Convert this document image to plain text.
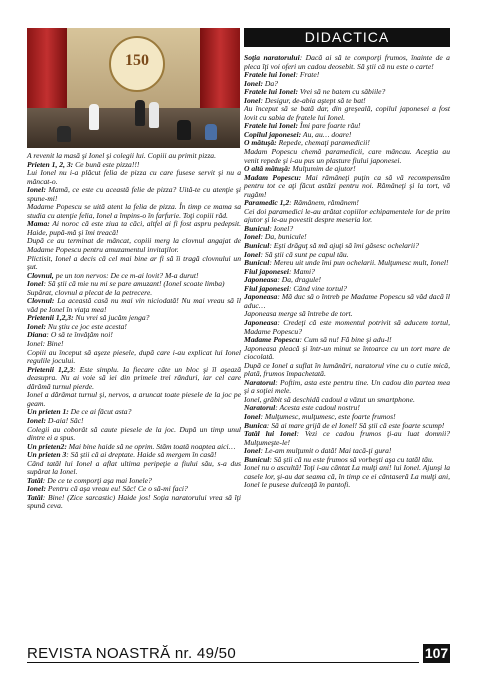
150
DIDACTICA

A revenit la masă şi Ionel şi colegii lui. Copiii au primit pizza.

Prieten 1, 2, 3: Ce bună este pizza!!!

Lui Ionel nu i-a plăcut felia de pizza cu care fusese servit şi nu a mâncat-o.

Ionel: Mamă, ce este cu această felie de pizza? Uită-te cu atenţie şi spune-mi!

Madame Popescu se uită atent la felia de pizza. În timp ce mama sa studia cu atenţie felia, Ionel a împins-o în farfurie. Toţi copiii răd.

Mama: Ai noroc că este ziua ta căci, altfel ai fi fost aspru pedepsit. Haide, pupă-mă şi îmi treacă!

După ce au terminat de mâncat, copiii merg la clovnul angajat de Madame Popescu pentru amuzamentul invitaţilor.

Plictisit, Ionel a decis că cel mai bine ar fi să îi tragă clovnului un şut.

Clovnul, pe un ton nervos: De ce m-ai lovit? M-a durut!

Ionel: Să ştii că mie nu mi se pare amuzant! (Ionel scoate limba)

Supărat, clovnul a plecat de la petrecere.

Clovnul: La această casă nu mai vin niciodată! Nu mai vreau să îl văd pe Ionel în viaţa mea!

Prietenii 1,2,3: Nu vrei să jucăm jenga?

Ionel: Nu ştiu ce joc este acesta!

Diana: O să te învăţăm noi!

Ionel: Bine!

Copiii au început să aşeze piesele, după care i-au explicat lui Ionel regulile jocului.

Prietenii 1,2,3: Este simplu. Ia fiecare câte un bloc şi îl aşează deasupra. Nu ai voie să iei din primele trei rânduri, iar cel care dărâmă turnul pierde.

Ionel a dărâmat turnul şi, nervos, a aruncat toate piesele de la joc pe geam.

Un prieten 1: De ce ai făcut asta?

Ionel: D-aia! Sâc!

Colegii au coborât să caute piesele de la joc. După un timp unul dintre ei a spus.

Un prieten2: Mai bine haide să ne oprim. Stăm toată noaptea aici…

Un prieten 3: Să ştii că ai dreptate. Haide să mergem în casă!

Când tatăl lui Ionel a aflat ultima peripeţie a fiului său, s-a dus supărat la Ionel.

Tatăl: De ce te comporţi aşa mai Ionele?

Ionel: Pentru că aşa vreau eu! Sâc! Ce o să-mi faci?

Tatăl: Bine! (Zice sarcastic) Haide jos! Soţia naratorului vrea să îţi spună ceva.

Soţia naratorului: Dacă ai să te comporţi frumos, înainte de a pleca îţi voi oferi un cadou deosebit. Să ştii că nu este o carte!

Fratele lui Ionel: Frate!

Ionel: Da?

Fratele lui Ionel: Vrei să ne batem cu săbiile?

Ionel: Desigur, de-abia aştept să te bat!

Au început să se bată dar, din greşeală, copilul japonesei a fost lovit cu sabia de fratele lui Ionel.

Fratele lui Ionel: Îmi pare foarte rău!

Copilul japonesei: Au, au… doare!

O mătuşă: Repede, chemaţi paramedicii!

Madam Popescu chemă paramedicii, care mâncau. Aceştia au venit repede şi i-au pus un plasture fiului japonesei.

O altă mătuşă: Mulţumim de ajutor!

Madam Popescu: Mai rămâneţi puţin ca să vă recompensăm pentru tot ce aţi făcut astăzi pentru noi. Rămâneţi şi la tort, vă rugăm!

Paramedic 1,2: Rămânem, rămânem!

Cei doi paramedici le-au arătat copiilor echipamentele lor de prim ajutor şi le-au povestit despre meseria lor.

Bunicul: Ionel?

Ionel: Da, bunicule!

Bunicul: Eşti drăguţ să mă ajuţi să îmi găsesc ochelarii?

Ionel: Să ştii că sunt pe capul tău.

Bunicul: Mereu uit unde îmi pun ochelarii. Mulţumesc mult, Ionel!

Fiul japonesei: Mami?

Japoneasa: Da, dragule!

Fiul japonesei: Când vine tortul?

Japoneasa: Mă duc să o întreb pe Madame Popescu să văd dacă îl aduc…

Japoneasa merge să întrebe de tort.

Japoneasa: Credeţi că este momentul potrivit să aducem tortul, Madame Popescu?

Madame Popescu: Cum să nu! Fă bine şi adu-l!

Japoneasa pleacă şi într-un minut se întoarce cu un tort mare de ciocolată.

După ce Ionel a suflat în lumânări, naratorul vine cu o cutie mică, plată, frumos împachetată.

Naratorul: Poftim, asta este pentru tine. Un cadou din partea mea şi a soţiei mele.

Ionel, grăbit să deschidă cadoul a văzut un smartphone.

Naratorul: Acesta este cadoul nostru!

Ionel: Mulţumesc, mulţumesc, este foarte frumos!

Bunica: Să ai mare grijă de el Ionel! Să ştii că este foarte scump!

Tatăl lui Ionel: Vezi ce cadou frumos ţi-au luat domnii? Mulţumeşte-le!

Ionel: Le-am mulţumit o dată! Mai tacă-ţi gura!

Bunicul: Să ştii că nu este frumos să vorbeşti aşa cu tatăl tău.

Ionel nu o ascultă! Toţi i-au cântat La mulţi ani! lui Ionel. Ajunşi la casele lor, şi-au dat seama că, în timp ce ei cântaseră La mulţi ani, Ionel le pusese dulceaţă în pantofi.

REVISTA NOASTRĂ nr. 49/50	107
